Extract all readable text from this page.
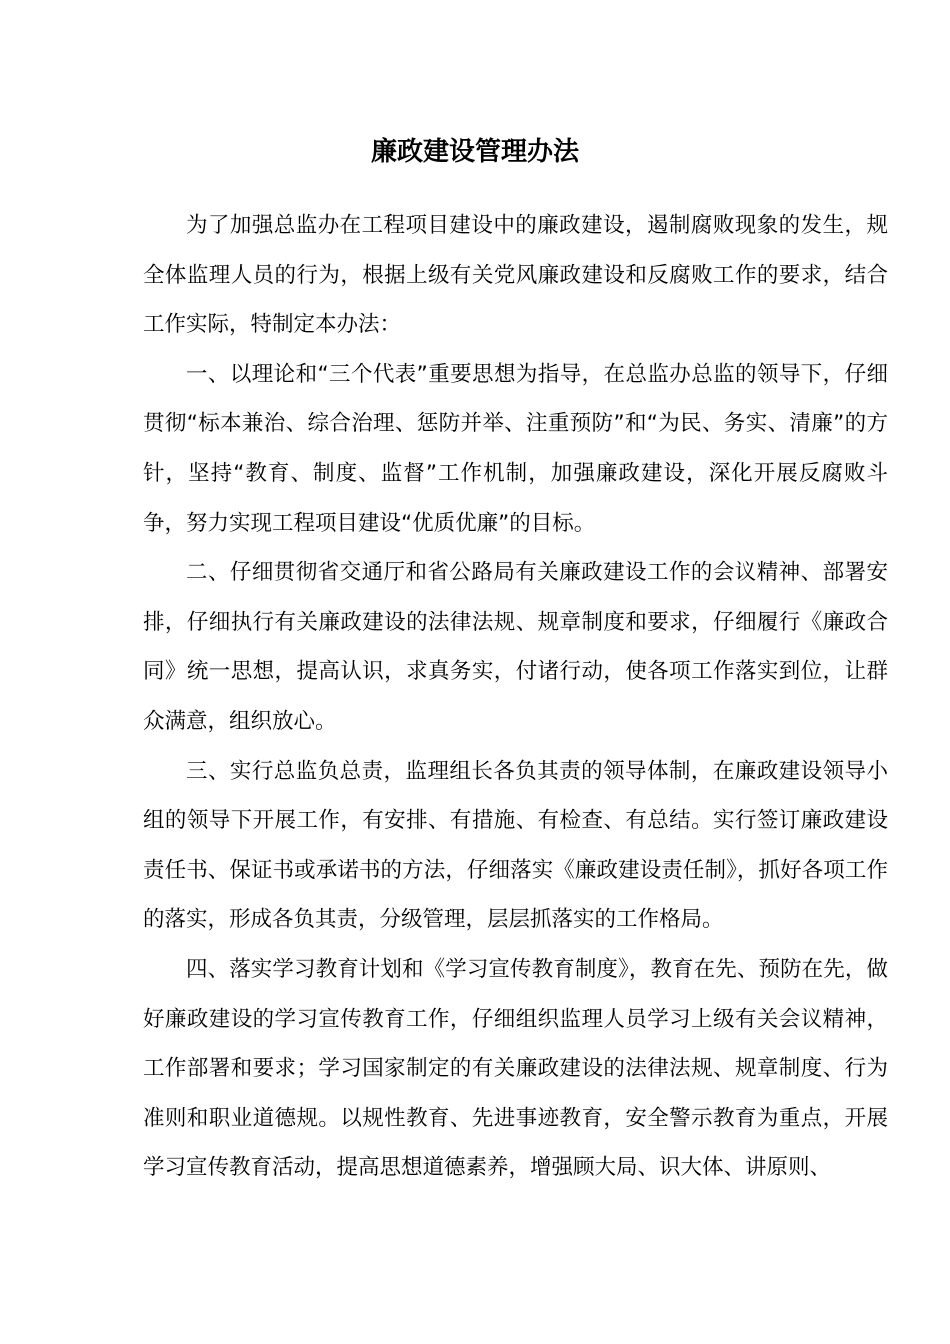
廉政建设管理办法

为了加强总监办在工程项目建设中的廉政建设，遏制腐败现象的发生，规全体监理人员的行为，根据上级有关党风廉政建设和反腐败工作的要求，结合工作实际，特制定本办法：

一、以理论和“三个代表”重要思想为指导，在总监办总监的领导下，仔细贯彻“标本兼治、综合治理、惩防并举、注重预防”和“为民、务实、清廉”的方针，坚持“教育、制度、监督”工作机制，加强廉政建设，深化开展反腐败斗争，努力实现工程项目建设“优质优廉”的目标。

二、仔细贯彻省交通厅和省公路局有关廉政建设工作的会议精神、部署安排，仔细执行有关廉政建设的法律法规、规章制度和要求，仔细履行《廉政合同》统一思想，提高认识，求真务实，付诸行动，使各项工作落实到位，让群众满意，组织放心。

三、实行总监负总责，监理组长各负其责的领导体制，在廉政建设领导小组的领导下开展工作，有安排、有措施、有检查、有总结。实行签订廉政建设责任书、保证书或承诺书的方法，仔细落实《廉政建设责任制》，抓好各项工作的落实，形成各负其责，分级管理，层层抓落实的工作格局。

四、落实学习教育计划和《学习宣传教育制度》，教育在先、预防在先，做好廉政建设的学习宣传教育工作，仔细组织监理人员学习上级有关会议精神，工作部署和要求；学习国家制定的有关廉政建设的法律法规、规章制度、行为准则和职业道德规。以规性教育、先进事迹教育，安全警示教育为重点，开展学习宣传教育活动，提高思想道德素养，增强顾大局、识大体、讲原则、
